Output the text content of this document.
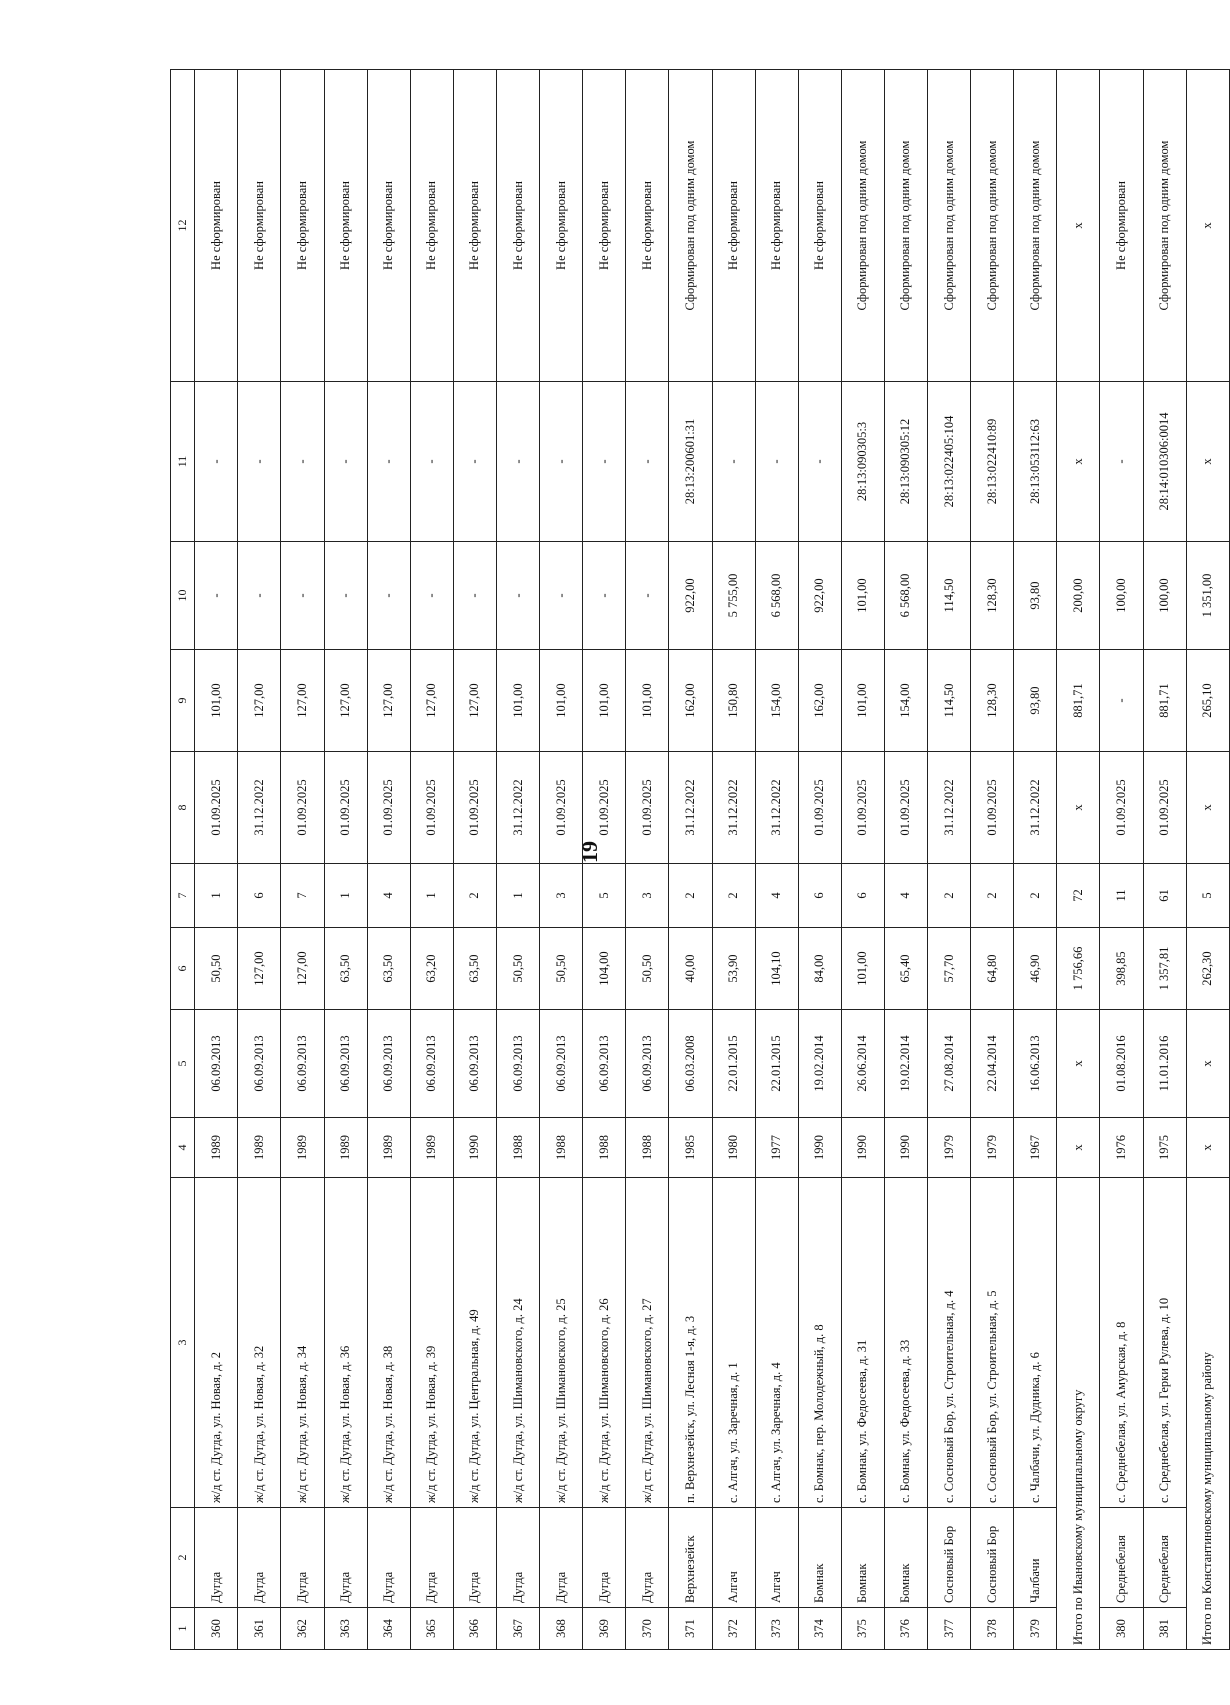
19
1	2	3	4	5	6	7	8	9	10	11	12
360	Дугда	ж/д ст. Дугда, ул. Новая, д. 2	1989	06.09.2013	50,50	1	01.09.2025	101,00	-	-	Не сформирован
361	Дугда	ж/д ст. Дугда, ул. Новая, д. 32	1989	06.09.2013	127,00	6	31.12.2022	127,00	-	-	Не сформирован
362	Дугда	ж/д ст. Дугда, ул. Новая, д. 34	1989	06.09.2013	127,00	7	01.09.2025	127,00	-	-	Не сформирован
363	Дугда	ж/д ст. Дугда, ул. Новая, д. 36	1989	06.09.2013	63,50	1	01.09.2025	127,00	-	-	Не сформирован
364	Дугда	ж/д ст. Дугда, ул. Новая, д. 38	1989	06.09.2013	63,50	4	01.09.2025	127,00	-	-	Не сформирован
365	Дугда	ж/д ст. Дугда, ул. Новая, д. 39	1989	06.09.2013	63,20	1	01.09.2025	127,00	-	-	Не сформирован
366	Дугда	ж/д ст. Дугда, ул. Центральная, д. 49	1990	06.09.2013	63,50	2	01.09.2025	127,00	-	-	Не сформирован
367	Дугда	ж/д ст. Дугда, ул. Шимановского, д. 24	1988	06.09.2013	50,50	1	31.12.2022	101,00	-	-	Не сформирован
368	Дугда	ж/д ст. Дугда, ул. Шимановского, д. 25	1988	06.09.2013	50,50	3	01.09.2025	101,00	-	-	Не сформирован
369	Дугда	ж/д ст. Дугда, ул. Шимановского, д. 26	1988	06.09.2013	104,00	5	01.09.2025	101,00	-	-	Не сформирован
370	Дугда	ж/д ст. Дугда, ул. Шимановского, д. 27	1988	06.09.2013	50,50	3	01.09.2025	101,00	-	-	Не сформирован
371	Верхнезейск	п. Верхнезейск, ул. Лесная 1-я, д. 3	1985	06.03.2008	40,00	2	31.12.2022	162,00	922,00	28:13:200601:31	Сформирован под одним домом
372	Алгач	с. Алгач, ул. Заречная, д. 1	1980	22.01.2015	53,90	2	31.12.2022	150,80	5 755,00	-	Не сформирован
373	Алгач	с. Алгач, ул. Заречная, д. 4	1977	22.01.2015	104,10	4	31.12.2022	154,00	6 568,00	-	Не сформирован
374	Бомнак	с. Бомнак, пер. Молодежный, д. 8	1990	19.02.2014	84,00	6	01.09.2025	162,00	922,00	-	Не сформирован
375	Бомнак	с. Бомнак, ул. Федосеева, д. 31	1990	26.06.2014	101,00	6	01.09.2025	101,00	101,00	28:13:090305:3	Сформирован под одним домом
376	Бомнак	с. Бомнак, ул. Федосеева, д. 33	1990	19.02.2014	65,40	4	01.09.2025	154,00	6 568,00	28:13:090305:12	Сформирован под одним домом
377	Сосновый Бор	с. Сосновый Бор, ул. Строительная, д. 4	1979	27.08.2014	57,70	2	31.12.2022	114,50	114,50	28:13:022405:104	Сформирован под одним домом
378	Сосновый Бор	с. Сосновый Бор, ул. Строительная, д. 5	1979	22.04.2014	64,80	2	01.09.2025	128,30	128,30	28:13:022410:89	Сформирован под одним домом
379	Чалбачи	с. Чалбачи, ул. Дудника, д. 6	1967	16.06.2013	46,90	2	31.12.2022	93,80	93,80	28:13:053112:63	Сформирован под одним домом
Итого по Ивановскому муниципальному округу			х	х	1 756,66	72	х	881,71	200,00	х	х
380	Среднебелая	с. Среднебелая, ул. Амурская, д. 8	1976	01.08.2016	398,85	11	01.09.2025	-	100,00	-	Не сформирован
381	Среднебелая	с. Среднебелая, ул. Герки Рулева, д. 10	1975	11.01.2016	1 357,81	61	01.09.2025	881,71	100,00	28:14:010306:0014	Сформирован под одним домом
Итого по Константиновскому муниципальному району			х	х	262,30	5	х	265,10	1 351,00	х	х
